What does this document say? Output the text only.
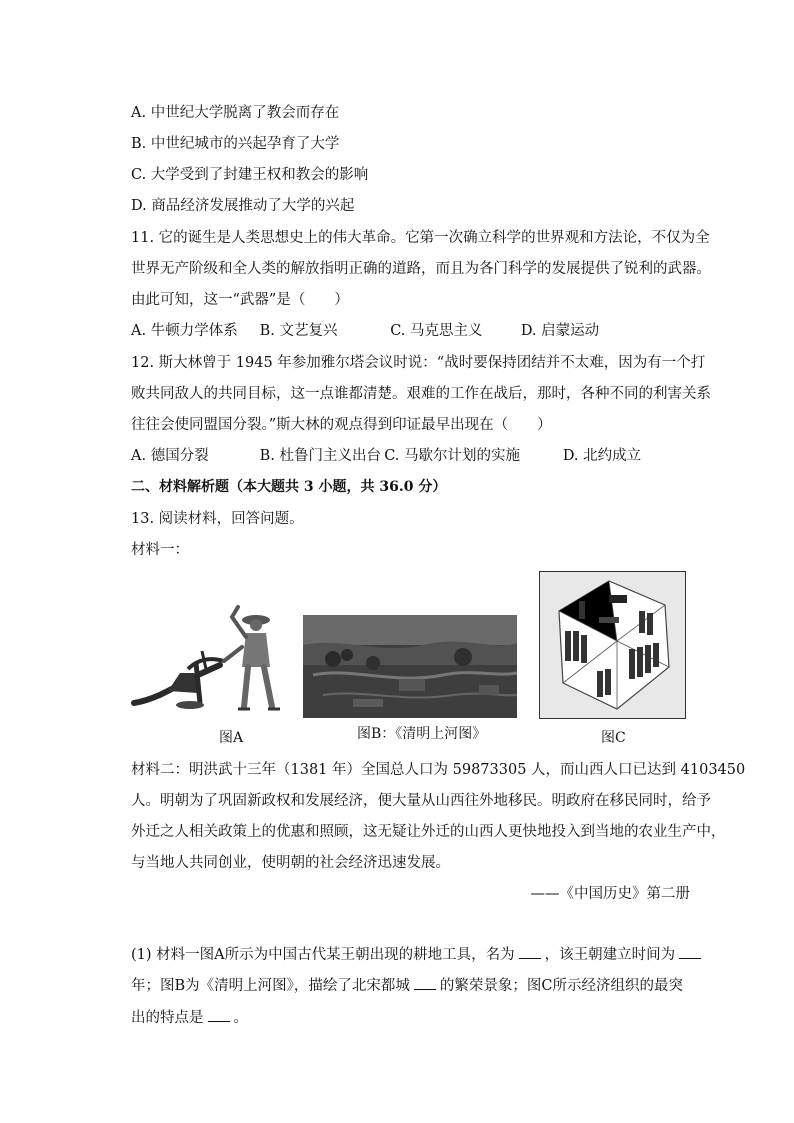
A. 中世纪大学脱离了教会而存在
B. 中世纪城市的兴起孕育了大学
C. 大学受到了封建王权和教会的影响
D. 商品经济发展推动了大学的兴起
11. 它的诞生是人类思想史上的伟大革命。它第一次确立科学的世界观和方法论，不仅为全
世界无产阶级和全人类的解放指明正确的道路，而且为各门科学的发展提供了锐利的武器。
由此可知，这一“武器”是（　　）
A. 牛顿力学体系 B. 文艺复兴	C. 马克思主义	D. 启蒙运动
12. 斯大林曾于 1945 年参加雅尔塔会议时说：“战时要保持团结并不太难，因为有一个打
败共同敌人的共同目标，这一点谁都清楚。艰难的工作在战后，那时，各种不同的利害关系
往往会使同盟国分裂。”斯大林的观点得到印证最早出现在（　　）
A. 德国分裂	B. 杜鲁门主义出台 C. 马歇尔计划的实施	D. 北约成立
二、材料解析题（本大题共 3 小题，共 36.0 分）
13. 阅读材料，回答问题。
材料一：
图A	图B：《清明上河图》	图C
材料二：明洪武十三年（1381 年）全国总人口为 59873305 人，而山西人口已达到 4103450
人。明朝为了巩固新政权和发展经济，便大量从山西往外地移民。明政府在移民同时，给予
外迁之人相关政策上的优惠和照顾，这无疑让外迁的山西人更快地投入到当地的农业生产中，
与当地人共同创业，使明朝的社会经济迅速发展。
——《中国历史》第二册
(1) 材料一图A所示为中国古代某王朝出现的耕地工具，名为 ，该王朝建立时间为
年；图B为《清明上河图》，描绘了北宋都城 的繁荣景象；图C所示经济组织的最突
出的特点是 。
